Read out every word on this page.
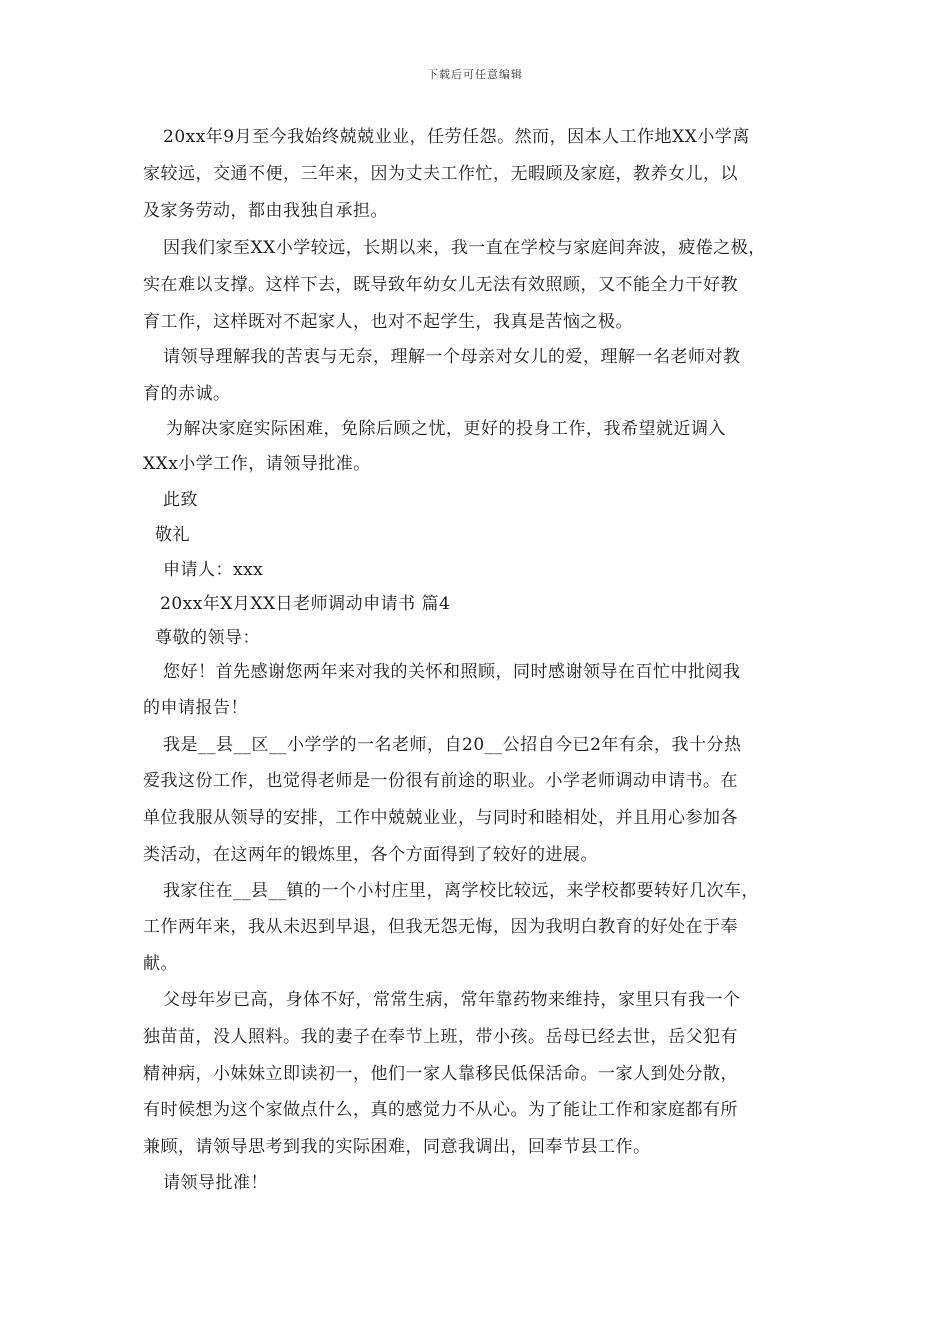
下载后可任意编辑
20xx年9月至今我始终兢兢业业，任劳任怨。然而，因本人工作地XX小学离
家较远，交通不便，三年来，因为丈夫工作忙，无暇顾及家庭，教养女儿，以
及家务劳动，都由我独自承担。
因我们家至XX小学较远，长期以来，我一直在学校与家庭间奔波，疲倦之极，
实在难以支撑。这样下去，既导致年幼女儿无法有效照顾，又不能全力干好教
育工作，这样既对不起家人，也对不起学生，我真是苦恼之极。
请领导理解我的苦衷与无奈，理解一个母亲对女儿的爱，理解一名老师对教
育的赤诚。
为解决家庭实际困难，免除后顾之忧，更好的投身工作，我希望就近调入
XXx小学工作，请领导批准。
此致
敬礼
申请人：xxx
20xx年X月XX日老师调动申请书 篇4
尊敬的领导：
您好！首先感谢您两年来对我的关怀和照顾，同时感谢领导在百忙中批阅我
的申请报告！
我是__县__区__小学学的一名老师，自20__公招自今已2年有余，我十分热
爱我这份工作，也觉得老师是一份很有前途的职业。小学老师调动申请书。在
单位我服从领导的安排，工作中兢兢业业，与同时和睦相处，并且用心参加各
类活动，在这两年的锻炼里，各个方面得到了较好的进展。
我家住在__县__镇的一个小村庄里，离学校比较远，来学校都要转好几次车，
工作两年来，我从未迟到早退，但我无怨无悔，因为我明白教育的好处在于奉
献。
父母年岁已高，身体不好，常常生病，常年靠药物来维持，家里只有我一个
独苗苗，没人照料。我的妻子在奉节上班，带小孩。岳母已经去世，岳父犯有
精神病，小妹妹立即读初一，他们一家人靠移民低保活命。一家人到处分散，
有时候想为这个家做点什么，真的感觉力不从心。为了能让工作和家庭都有所
兼顾，请领导思考到我的实际困难，同意我调出，回奉节县工作。
请领导批准！
